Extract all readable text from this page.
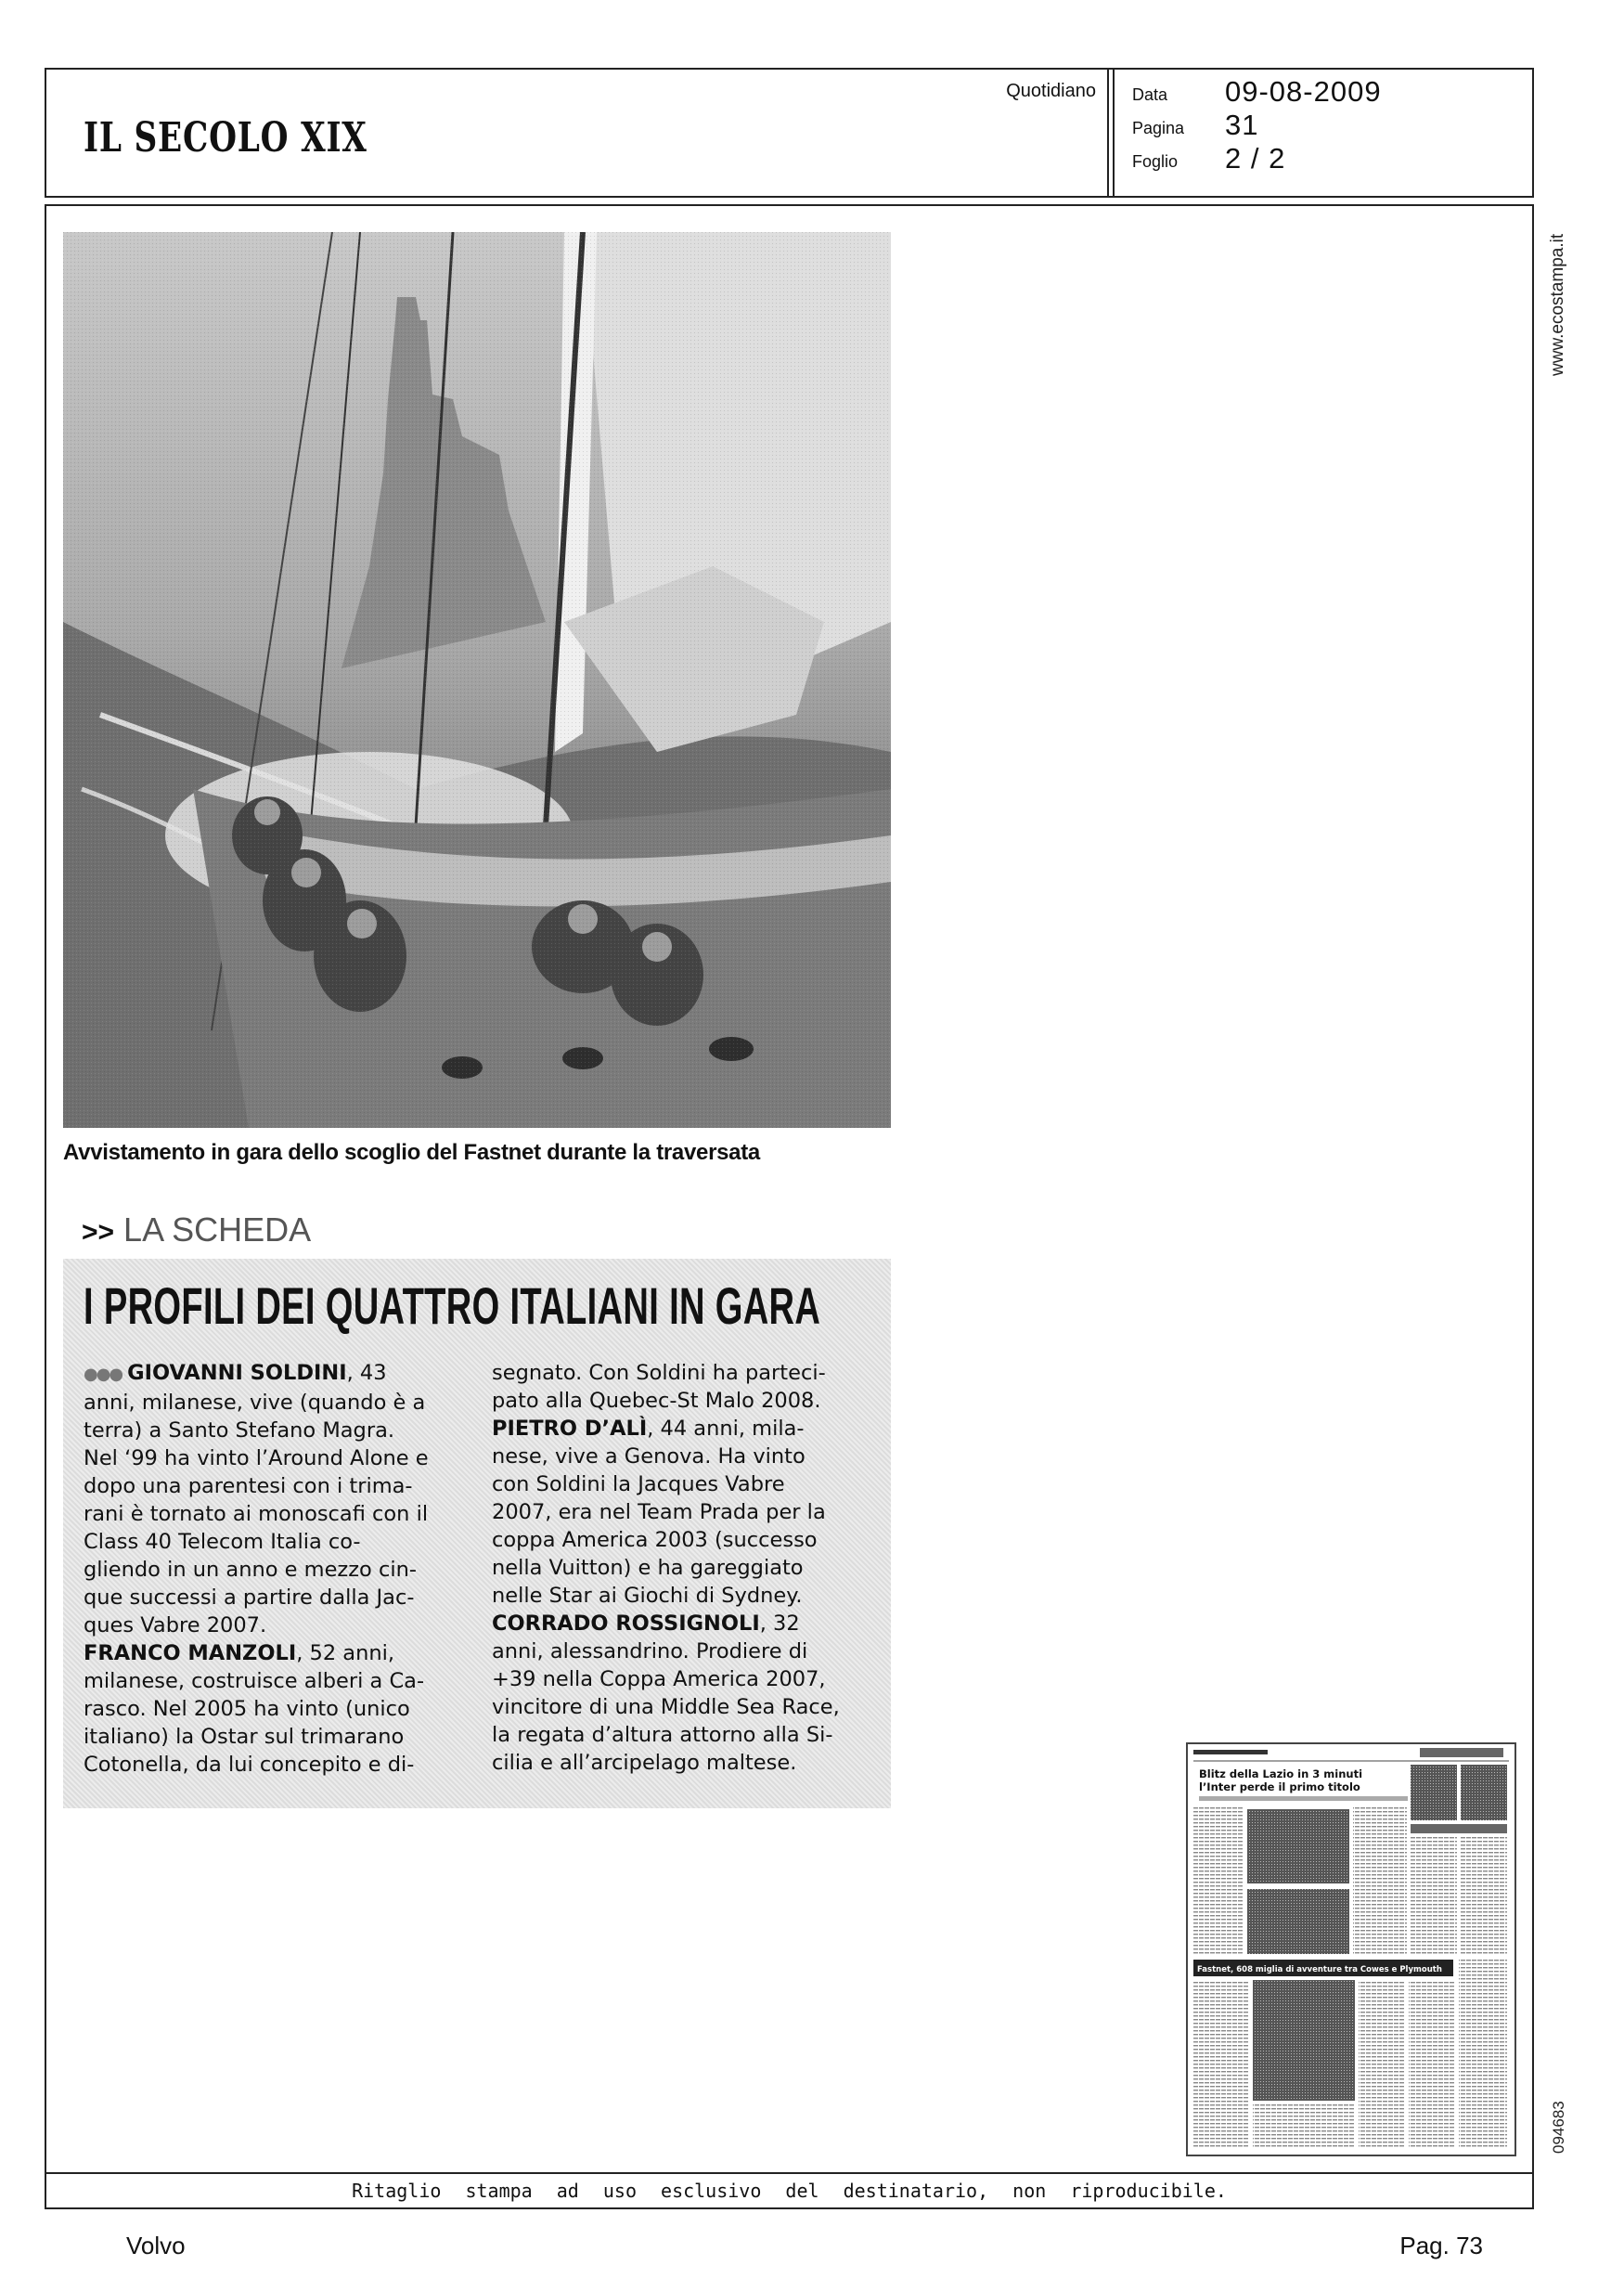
IL SECOLO XIX
Quotidiano Data 09-08-2009
Pagina 31
Foglio 2 / 2
Ritaglio stampa ad uso esclusivo del destinatario, non riproducibile.
www.ecostampa.it
094683
Avvistamento in gara dello scoglio del Fastnet durante la traversata
>> LA SCHEDA
I PROFILI DEI QUATTRO ITALIANI IN GARA
●●● GIOVANNI SOLDINI, 43
anni, milanese, vive (quando è a
terra) a Santo Stefano Magra.
Nel ‘99 ha vinto l’Around Alone e
dopo una parentesi con i trima-
rani è tornato ai monoscafi con il
Class 40 Telecom Italia co-
gliendo in un anno e mezzo cin-
que successi a partire dalla Jac-
ques Vabre 2007.
FRANCO MANZOLI, 52 anni,
milanese, costruisce alberi a Ca-
rasco. Nel 2005 ha vinto (unico
italiano) la Ostar sul trimarano
Cotonella, da lui concepito e di-
segnato. Con Soldini ha parteci-
pato alla Quebec-St Malo 2008.
PIETRO D’ALÌ, 44 anni, mila-
nese, vive a Genova. Ha vinto
con Soldini la Jacques Vabre
2007, era nel Team Prada per la
coppa America 2003 (successo
nella Vuitton) e ha gareggiato
nelle Star ai Giochi di Sydney.
CORRADO ROSSIGNOLI, 32
anni, alessandrino. Prodiere di
+39 nella Coppa America 2007,
vincitore di una Middle Sea Race,
la regata d’altura attorno alla Si-
cilia e all’arcipelago maltese.	Blitz della Lazio in 3 minuti
l’Inter perde il primo titolo
Fastnet, 608 miglia di avventure tra Cowes e Plymouth
Volvo	Pag. 73
